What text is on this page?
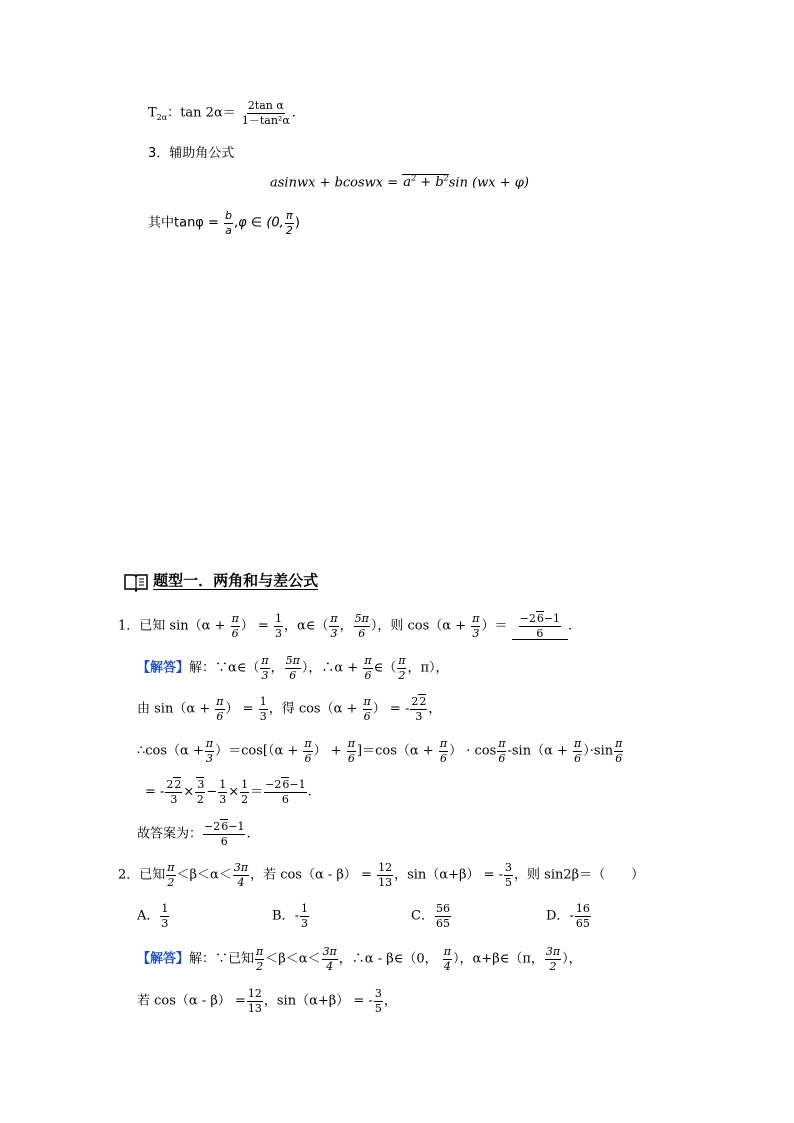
$T_{2\alpha}$：$\tan 2\alpha= \frac{\text{2tan α}}{\text{1－tan²α}}$ .
3．辅助角公式
asinwx + bcoswx = $a^2 + b^2\sin$ (wx + φ)
其中$\tan\varphi = \frac{b}{a} ,\varphi$ ∈ (0, $\frac{\pi}{2}$ )
题型一．两角和与差公式
1．已知 $\sin(\alpha + \frac{\pi}{6}$ ） = $\frac{1}{3}$ ，α∈（ $\frac{\pi}{3}$ ， $\frac{5\pi}{6}$ ），则 $\cos(\alpha + \frac{\pi}{3}$ ）＝ $\frac{-26-1}{6}$ .
【解答】解：∵α∈（ $\frac{\pi}{3}$ ， $\frac{5\pi}{6}$ ），∴α + $\frac{\pi}{6}$ ∈（ $\frac{\pi}{2}$ ，π），
由 $\sin(\alpha + \frac{\pi}{6}$ ） = $\frac{1}{3}$ ，得 $\cos(\alpha + \frac{\pi}{6}$ ） = - $\frac{22}{3}$ ，
∴cos（α + $\frac{\pi}{3} )=\cos[(\alpha + \frac{\pi}{6}$ ） + $\frac{\pi}{6} ]=\cos(\alpha + \frac{\pi}{6}$ ） · $\cos \frac{\pi}{6} -\sin(\alpha + \frac{\pi}{6} )\cdot\sin \frac{\pi}{6}$
= - $\frac{22}{3} \times \frac{3}{2} - \frac{1}{3} \times \frac{1}{2} = \frac{-26-1}{6}$ .
故答案为： $\frac{-26-1}{6}$ .
2．已知 $\frac{\pi}{2} <\beta<\alpha< \frac{3\pi}{4}$ ，若 $\cos(\alpha - \beta) = \frac{12}{13}$ ，sin（α+β） = - $\frac{3}{5}$ ，则 sin2β＝（　　）
A． $\frac{1}{3}$	B．- $\frac{1}{3}$	C． $\frac{56}{65}$	D．- $\frac{16}{65}$
【解答】解：∵已知 $\frac{\pi}{2} <\beta<\alpha< \frac{3\pi}{4}$ ，∴α - β∈（0， $\frac{\pi}{4}$ ），α+β∈（π， $\frac{3\pi}{2}$ ），
若 $\cos(\alpha - \beta) = \frac{12}{13}$ ，sin（α+β） = - $\frac{3}{5}$ ，
